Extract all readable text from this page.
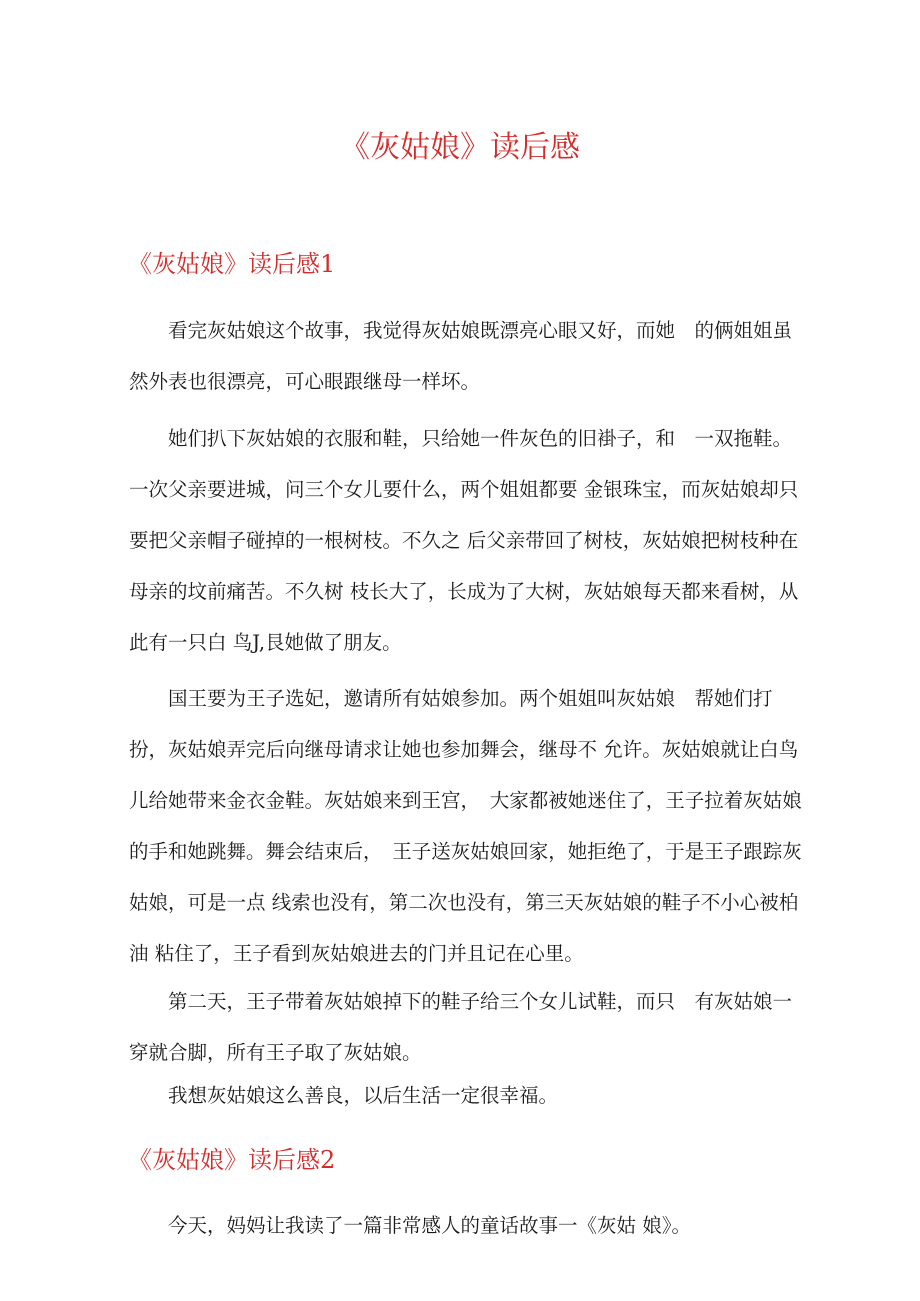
《灰姑娘》读后感
《灰姑娘》读后感1

看完灰姑娘这个故事，我觉得灰姑娘既漂亮心眼又好，而她　的俩姐姐虽然外表也很漂亮，可心眼跟继母一样坏。

她们扒下灰姑娘的衣服和鞋，只给她一件灰色的旧褂子，和　一双拖鞋。一次父亲要进城，问三个女儿要什么，两个姐姐都要 金银珠宝，而灰姑娘却只要把父亲帽子碰掉的一根树枝。不久之 后父亲带回了树枝，灰姑娘把树枝种在母亲的坟前痛苦。不久树 枝长大了，长成为了大树，灰姑娘每天都来看树，从此有一只白 鸟J,艮她做了朋友。

国王要为王子选妃，邀请所有姑娘参加。两个姐姐叫灰姑娘　帮她们打扮，灰姑娘弄完后向继母请求让她也参加舞会，继母不 允许。灰姑娘就让白鸟儿给她带来金衣金鞋。灰姑娘来到王宫，　大家都被她迷住了，王子拉着灰姑娘的手和她跳舞。舞会结束后，　王子送灰姑娘回家，她拒绝了，于是王子跟踪灰姑娘，可是一点 线索也没有，第二次也没有，第三天灰姑娘的鞋子不小心被柏油 粘住了，王子看到灰姑娘进去的门并且记在心里。

第二天，王子带着灰姑娘掉下的鞋子给三个女儿试鞋，而只　有灰姑娘一穿就合脚，所有王子取了灰姑娘。

我想灰姑娘这么善良，以后生活一定很幸福。

《灰姑娘》读后感2

今天，妈妈让我读了一篇非常感人的童话故事一《灰姑 娘》。
